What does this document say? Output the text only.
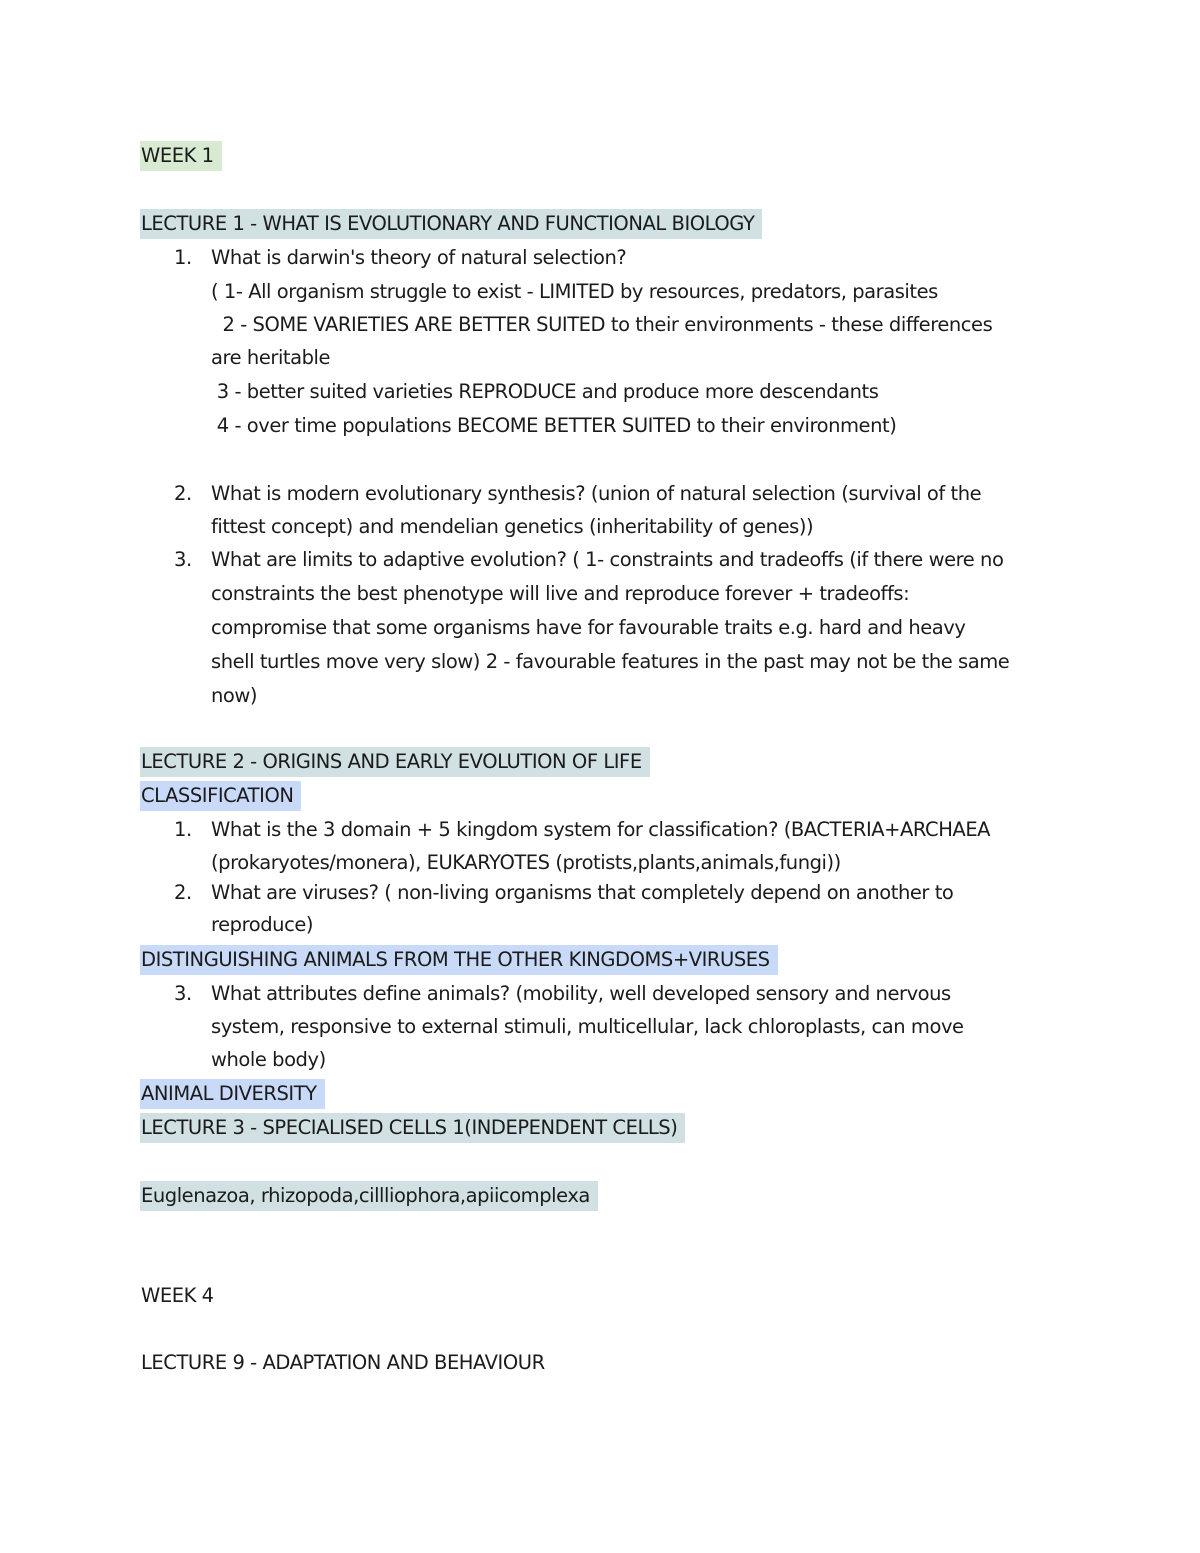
WEEK 1
LECTURE 1 - WHAT IS EVOLUTIONARY AND FUNCTIONAL BIOLOGY
1. What is darwin's theory of natural selection?
( 1- All organism struggle to exist - LIMITED by resources, predators, parasites
2 - SOME VARIETIES ARE BETTER SUITED to their environments - these differences
are heritable
3 - better suited varieties REPRODUCE and produce more descendants
4 - over time populations BECOME BETTER SUITED to their environment)
2. What is modern evolutionary synthesis? (union of natural selection (survival of the
fittest concept) and mendelian genetics (inheritability of genes))
3. What are limits to adaptive evolution? ( 1- constraints and tradeoffs (if there were no
constraints the best phenotype will live and reproduce forever + tradeoffs:
compromise that some organisms have for favourable traits e.g. hard and heavy
shell turtles move very slow) 2 - favourable features in the past may not be the same
now)
LECTURE 2 - ORIGINS AND EARLY EVOLUTION OF LIFE
CLASSIFICATION
1. What is the 3 domain + 5 kingdom system for classification? (BACTERIA+ARCHAEA
(prokaryotes/monera), EUKARYOTES (protists,plants,animals,fungi))
2. What are viruses? ( non-living organisms that completely depend on another to
reproduce)
DISTINGUISHING ANIMALS FROM THE OTHER KINGDOMS+VIRUSES
3. What attributes define animals? (mobility, well developed sensory and nervous
system, responsive to external stimuli, multicellular, lack chloroplasts, can move
whole body)
ANIMAL DIVERSITY
LECTURE 3 - SPECIALISED CELLS 1(INDEPENDENT CELLS)
Euglenazoa, rhizopoda,cillliophora,apiicomplexa
WEEK 4
LECTURE 9 - ADAPTATION AND BEHAVIOUR
